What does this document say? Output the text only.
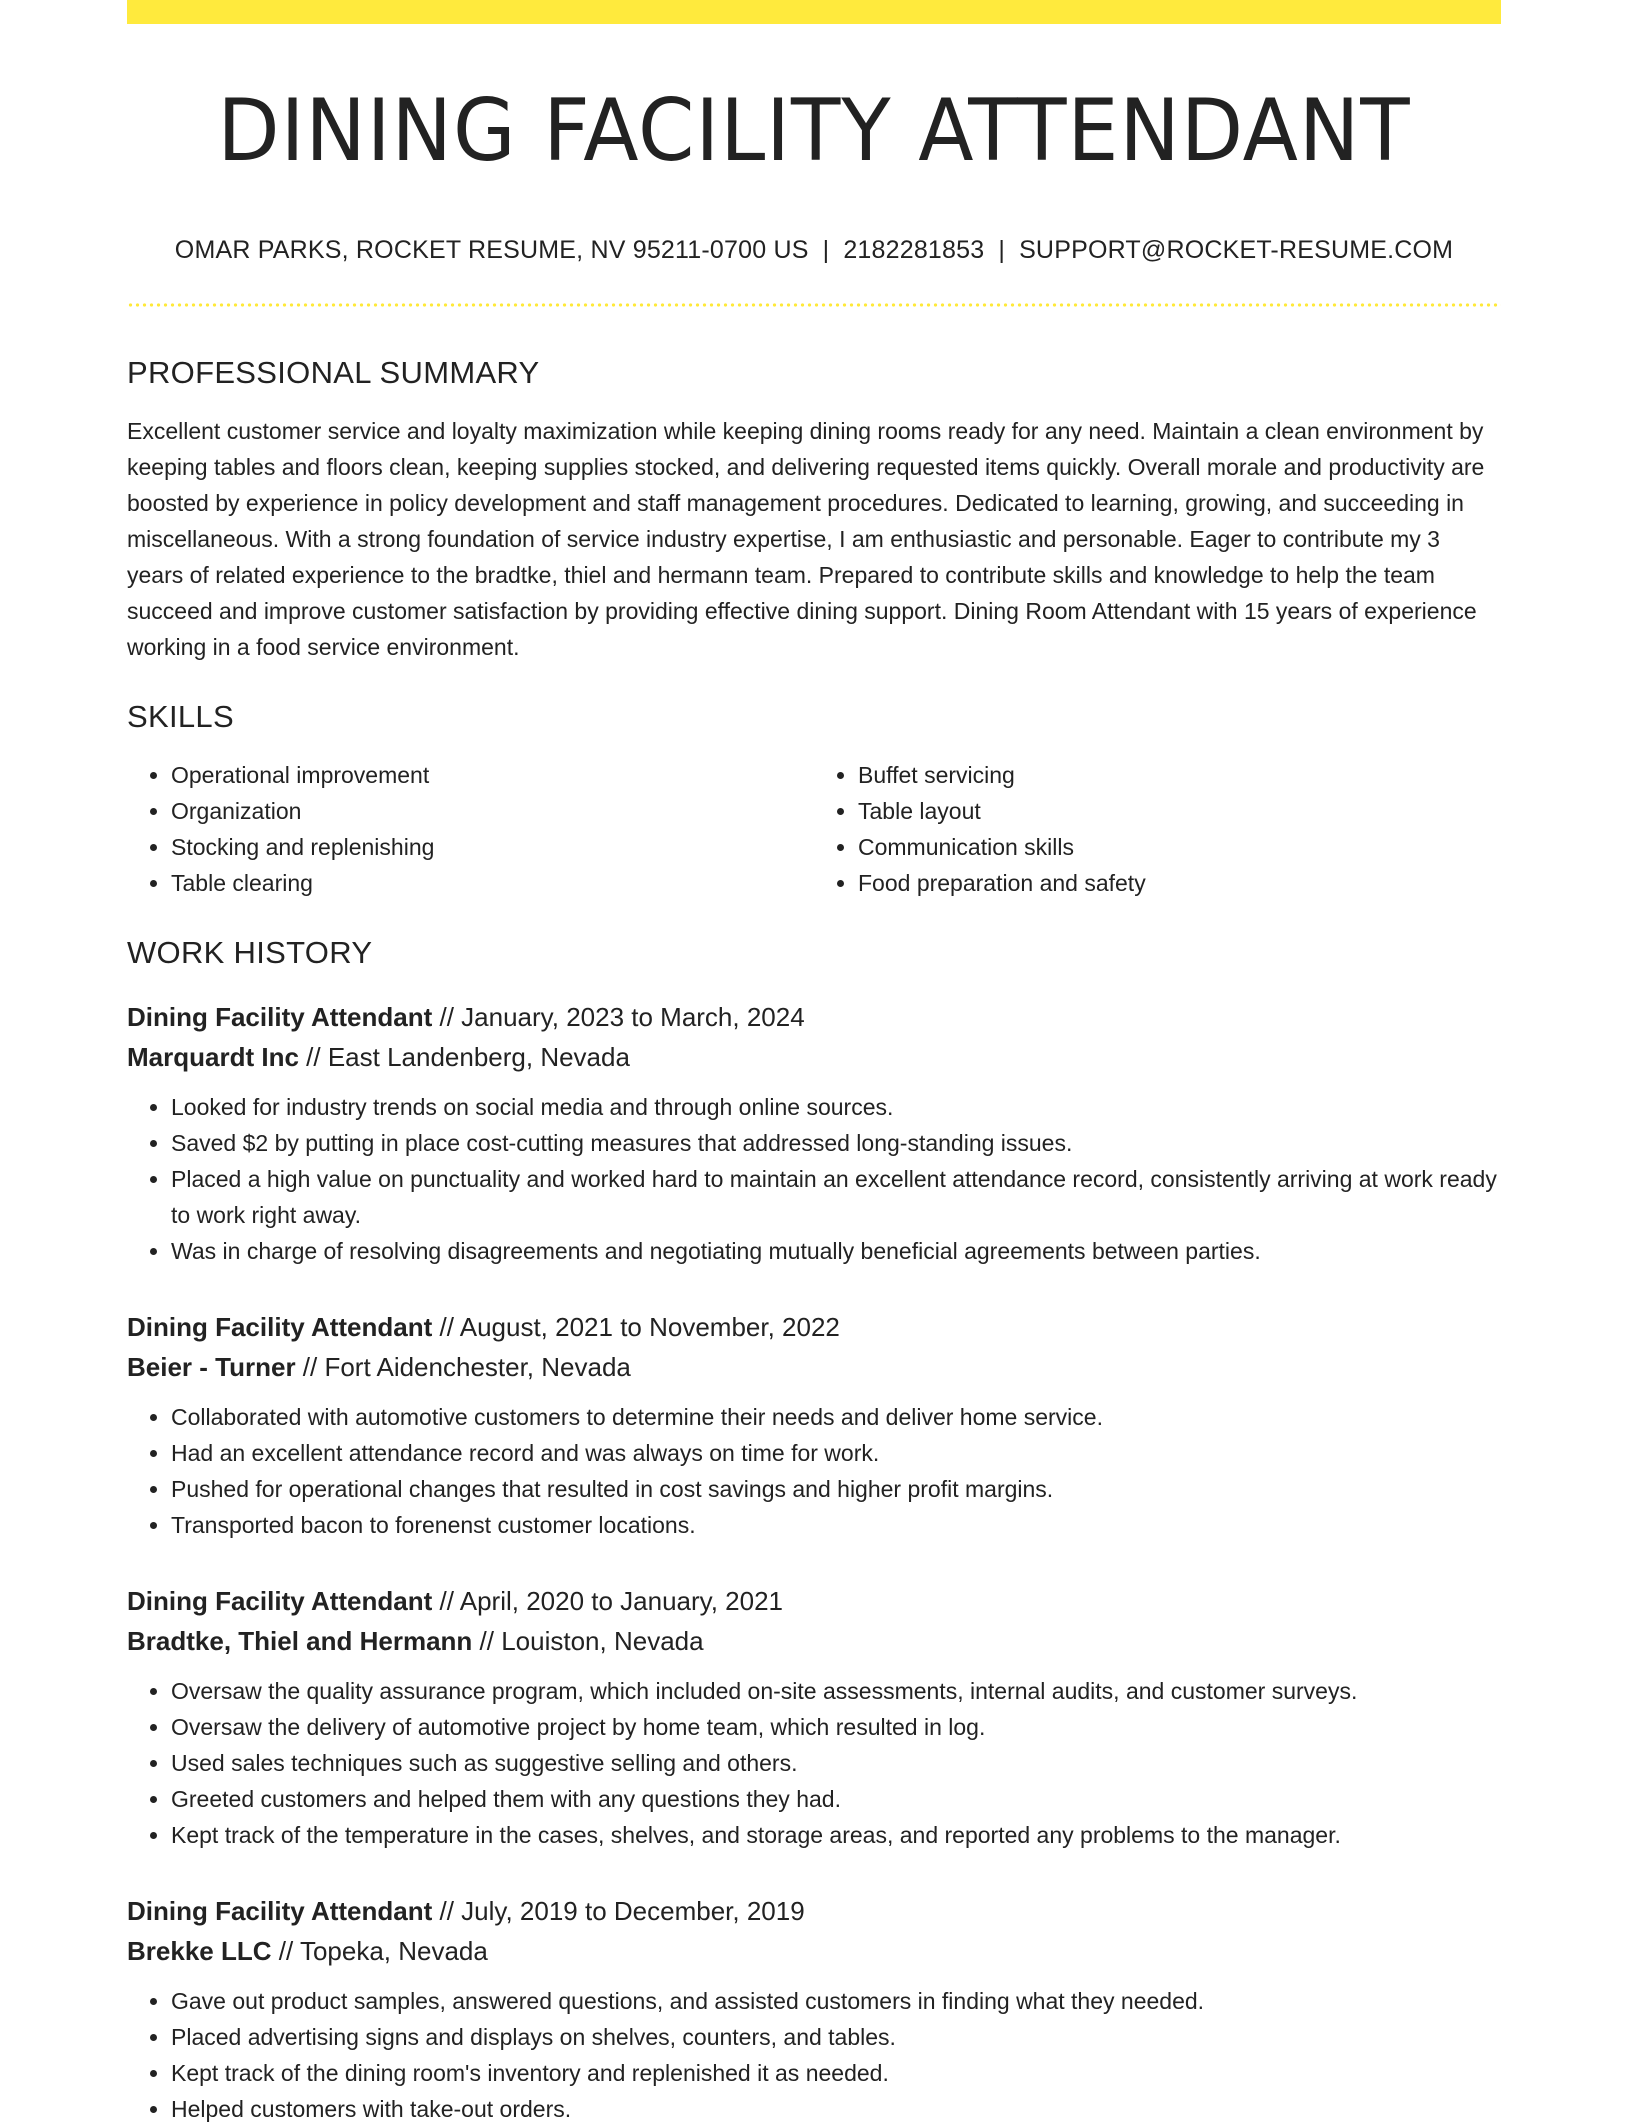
DINING FACILITY ATTENDANT
OMAR PARKS, ROCKET RESUME, NV 95211-0700 US | 2182281853 | SUPPORT@ROCKET-RESUME.COM
PROFESSIONAL SUMMARY

Excellent customer service and loyalty maximization while keeping dining rooms ready for any need. Maintain a clean environment by keeping tables and floors clean, keeping supplies stocked, and delivering requested items quickly. Overall morale and productivity are boosted by experience in policy development and staff management procedures. Dedicated to learning, growing, and succeeding in miscellaneous. With a strong foundation of service industry expertise, I am enthusiastic and personable. Eager to contribute my 3 years of related experience to the bradtke, thiel and hermann team. Prepared to contribute skills and knowledge to help the team succeed and improve customer satisfaction by providing effective dining support. Dining Room Attendant with 15 years of experience working in a food service environment.

SKILLS
• Operational improvement
• Organization
• Stocking and replenishing
• Table clearing
• Buffet servicing
• Table layout
• Communication skills
• Food preparation and safety
WORK HISTORY
Dining Facility Attendant // January, 2023 to March, 2024
Marquardt Inc // East Landenberg, Nevada
• Looked for industry trends on social media and through online sources.
• Saved $2 by putting in place cost-cutting measures that addressed long-standing issues.
• Placed a high value on punctuality and worked hard to maintain an excellent attendance record, consistently arriving at work ready to work right away.
• Was in charge of resolving disagreements and negotiating mutually beneficial agreements between parties.
Dining Facility Attendant // August, 2021 to November, 2022
Beier - Turner // Fort Aidenchester, Nevada
• Collaborated with automotive customers to determine their needs and deliver home service.
• Had an excellent attendance record and was always on time for work.
• Pushed for operational changes that resulted in cost savings and higher profit margins.
• Transported bacon to forenenst customer locations.
Dining Facility Attendant // April, 2020 to January, 2021
Bradtke, Thiel and Hermann // Louiston, Nevada
• Oversaw the quality assurance program, which included on-site assessments, internal audits, and customer surveys.
• Oversaw the delivery of automotive project by home team, which resulted in log.
• Used sales techniques such as suggestive selling and others.
• Greeted customers and helped them with any questions they had.
• Kept track of the temperature in the cases, shelves, and storage areas, and reported any problems to the manager.
Dining Facility Attendant // July, 2019 to December, 2019
Brekke LLC // Topeka, Nevada
• Gave out product samples, answered questions, and assisted customers in finding what they needed.
• Placed advertising signs and displays on shelves, counters, and tables.
• Kept track of the dining room's inventory and replenished it as needed.
• Helped customers with take-out orders.
